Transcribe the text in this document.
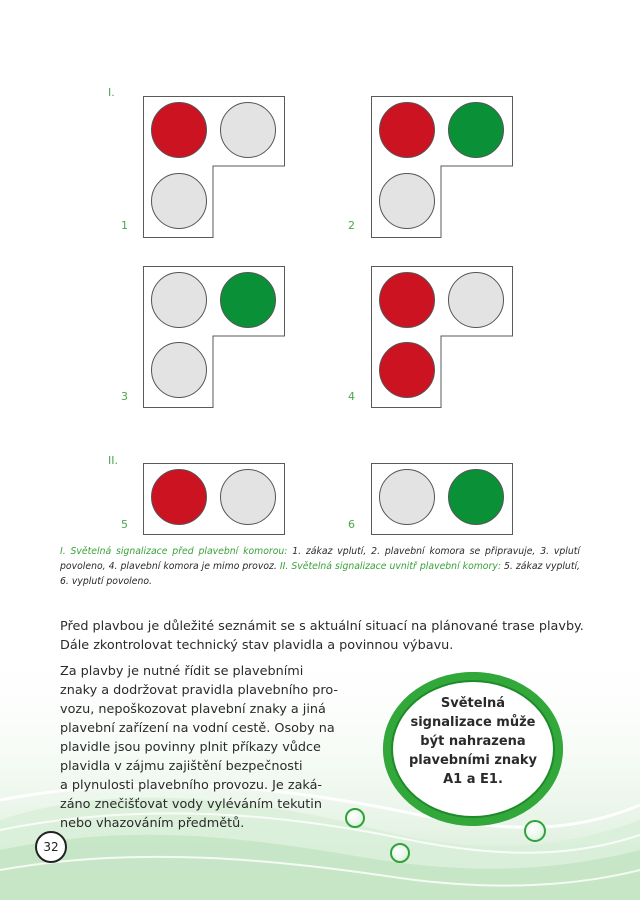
I.
II.
1	2
3	4
5	6

I. Světelná signalizace před plavební komorou: 1. zákaz vplutí, 2. plavební komora se připravuje, 3. vplutí povoleno, 4. plavební komora je mimo provoz. II. Světelná signalizace uvnitř plavební komory: 5. zákaz vyplutí, 6. vyplutí povoleno.

Před plavbou je důležité seznámit se s aktuální situací na plánované trase plavby. Dále zkontrolovat technický stav plavidla a povinnou výbavu.

Za plavby je nutné řídit se plavebními
znaky a dodržovat pravidla plavebního pro-
vozu, nepoškozovat plavební znaky a jiná
plavební zařízení na vodní cestě. Osoby na
plavidle jsou povinny plnit příkazy vůdce
plavidla v zájmu zajištění bezpečnosti
a plynulosti plavebního provozu. Je zaká-
záno znečišťovat vody vyléváním tekutin
nebo vhazováním předmětů.
Světelná
signalizace může
být nahrazena
plavebními znaky
A1 a E1.
32
